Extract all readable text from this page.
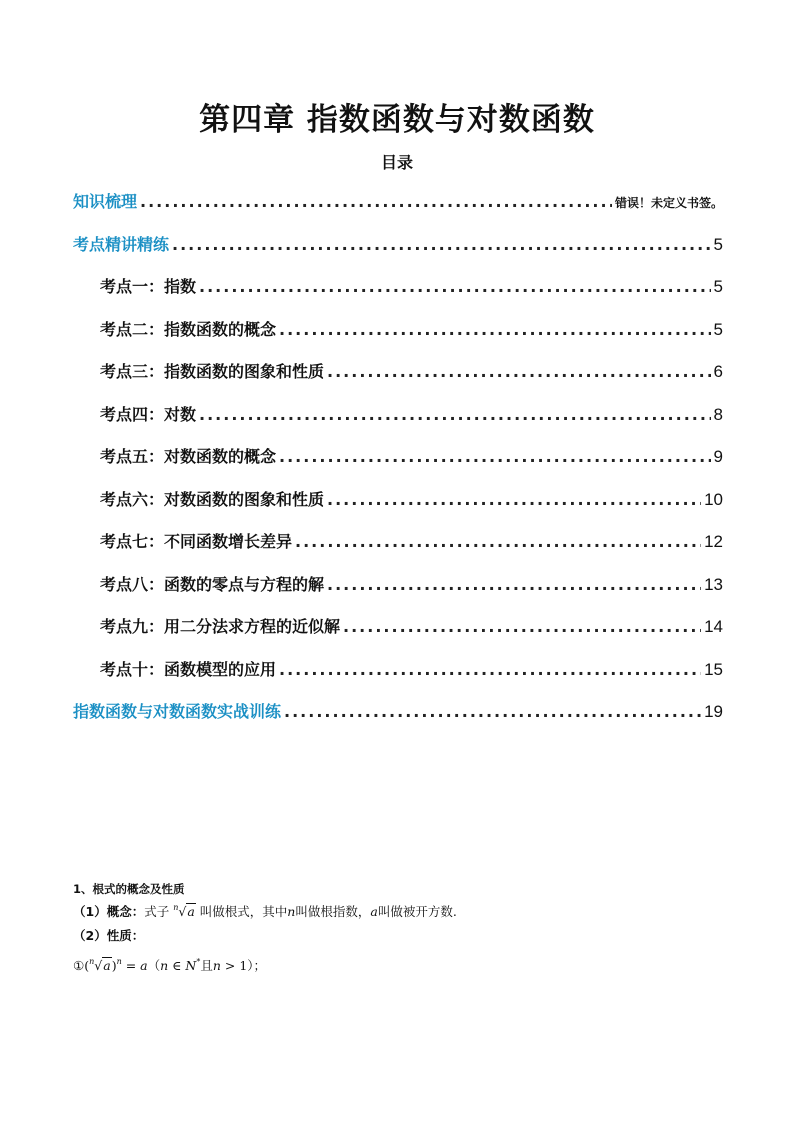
第四章 指数函数与对数函数
目录
知识梳理 .....	错误！未定义书签。
考点精讲精练 .....	5
考点一：指数 .....	5
考点二：指数函数的概念 .....	5
考点三：指数函数的图象和性质 .....	6
考点四：对数 .....	8
考点五：对数函数的概念 .....	9
考点六：对数函数的图象和性质 .....	10
考点七：不同函数增长差异 .....	12
考点八：函数的零点与方程的解 .....	13
考点九：用二分法求方程的近似解 .....	14
考点十：函数模型的应用 .....	15
指数函数与对数函数实战训练 .....	19
1、根式的概念及性质
（1）概念：式子 $^n$√a 叫做根式，其中n叫做根指数，a叫做被开方数.
（2）性质：
$①(^n√a)^n = a(n$ ∈ N*且n > 1）；
